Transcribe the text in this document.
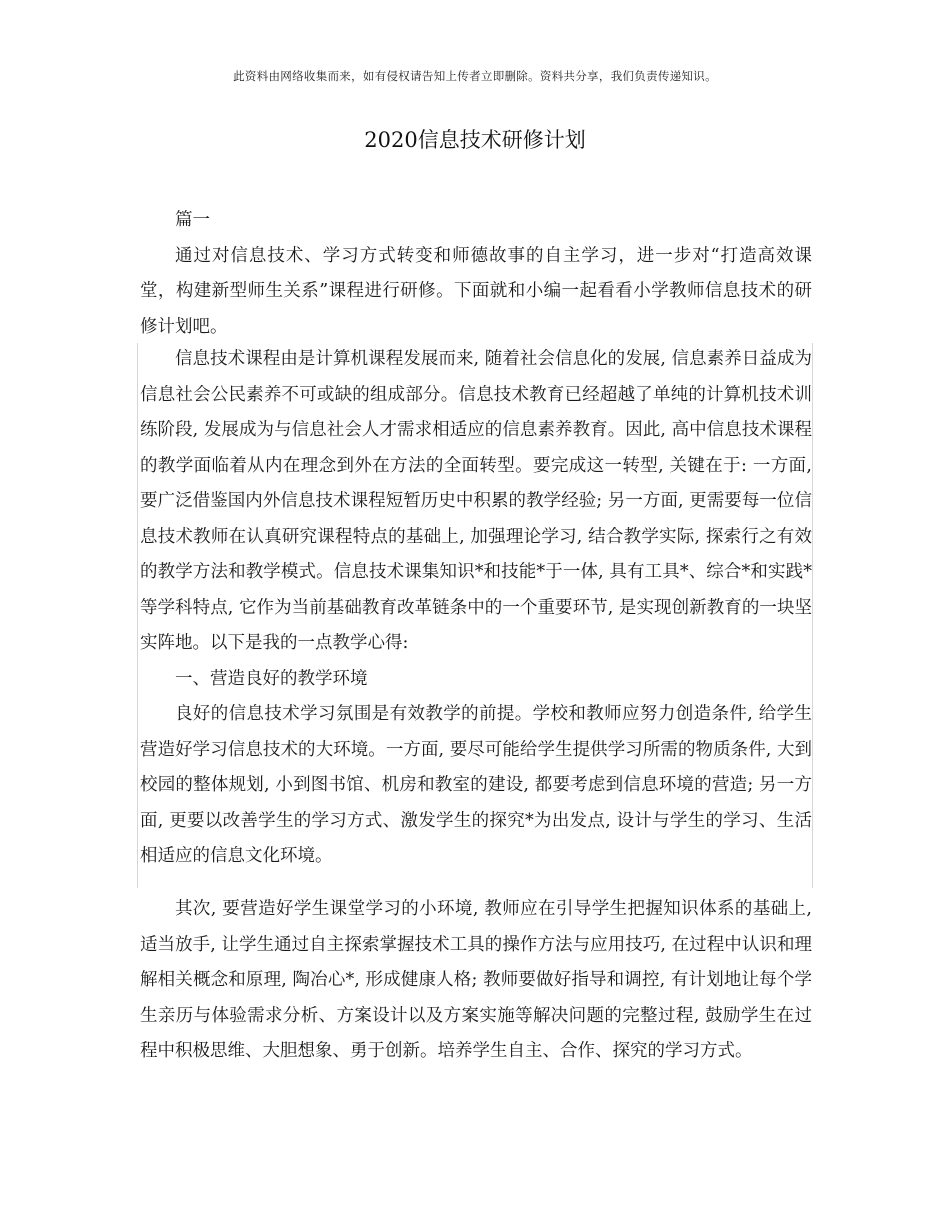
此资料由网络收集而来，如有侵权请告知上传者立即删除。资料共分享，我们负责传递知识。
2020信息技术研修计划

篇一

通过对信息技术、学习方式转变和师德故事的自主学习，进一步对“打造高效课堂，构建新型师生关系”课程进行研修。下面就和小编一起看看小学教师信息技术的研修计划吧。

信息技术课程由是计算机课程发展而来, 随着社会信息化的发展, 信息素养日益成为信息社会公民素养不可或缺的组成部分。信息技术教育已经超越了单纯的计算机技术训练阶段, 发展成为与信息社会人才需求相适应的信息素养教育。因此, 高中信息技术课程的教学面临着从内在理念到外在方法的全面转型。要完成这一转型, 关键在于: 一方面, 要广泛借鉴国内外信息技术课程短暂历史中积累的教学经验; 另一方面, 更需要每一位信息技术教师在认真研究课程特点的基础上, 加强理论学习, 结合教学实际, 探索行之有效的教学方法和教学模式。信息技术课集知识*和技能*于一体, 具有工具*、综合*和实践*等学科特点, 它作为当前基础教育改革链条中的一个重要环节, 是实现创新教育的一块坚实阵地。以下是我的一点教学心得:

一、营造良好的教学环境

良好的信息技术学习氛围是有效教学的前提。学校和教师应努力创造条件, 给学生营造好学习信息技术的大环境。一方面, 要尽可能给学生提供学习所需的物质条件, 大到校园的整体规划, 小到图书馆、机房和教室的建设, 都要考虑到信息环境的营造; 另一方面, 更要以改善学生的学习方式、激发学生的探究*为出发点, 设计与学生的学习、生活相适应的信息文化环境。

其次, 要营造好学生课堂学习的小环境, 教师应在引导学生把握知识体系的基础上, 适当放手, 让学生通过自主探索掌握技术工具的操作方法与应用技巧, 在过程中认识和理解相关概念和原理, 陶冶心*, 形成健康人格; 教师要做好指导和调控, 有计划地让每个学生亲历与体验需求分析、方案设计以及方案实施等解决问题的完整过程, 鼓励学生在过程中积极思维、大胆想象、勇于创新。培养学生自主、合作、探究的学习方式。
